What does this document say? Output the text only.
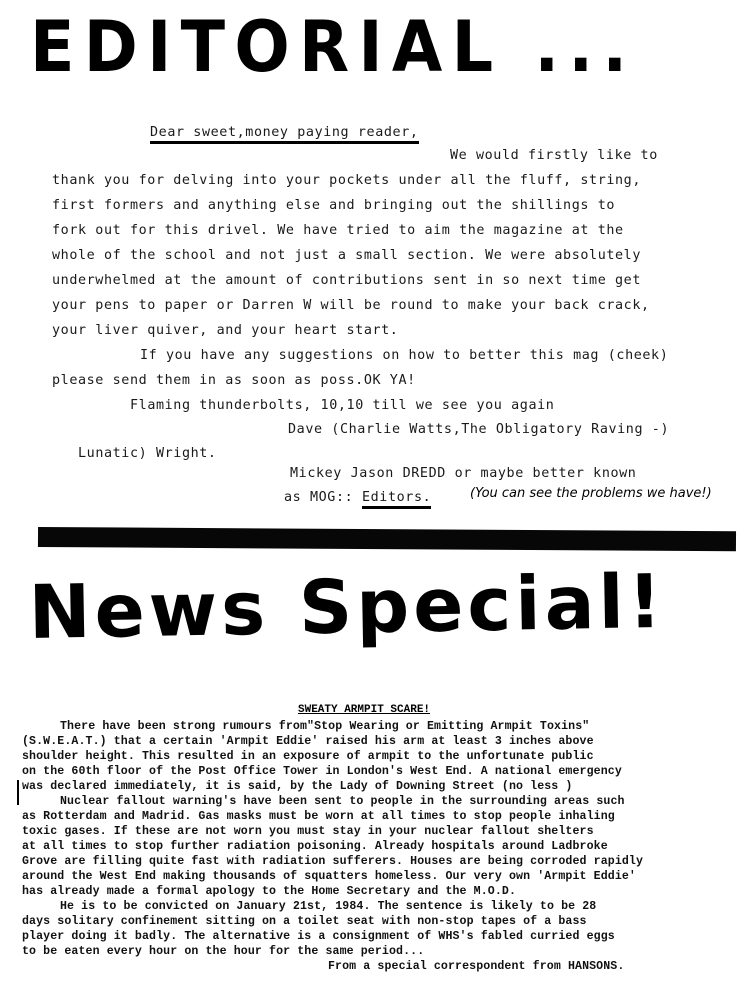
EDITORIAL ...
Dear sweet,money paying reader,
We would firstly like to
thank you for delving into your pockets under all the fluff, string,
first formers and anything else and bringing out the shillings to
fork out for this drivel. We have tried to aim the magazine at the
whole of the school and not just a small section. We were absolutely
underwhelmed at the amount of contributions sent in so next time get
your pens to paper or Darren W will be round to make your back crack,
your liver quiver, and your heart start.
If you have any suggestions on how to better this mag (cheek)
please send them in as soon as poss.OK YA!
Flaming thunderbolts, 10,10 till we see you again
Dave (Charlie Watts,The Obligatory Raving -)
Lunatic) Wright.
Mickey Jason DREDD or maybe better known
as MOG:: Editors.	(You can see the problems we have!)
News Special!
SWEATY ARMPIT SCARE!
There have been strong rumours from"Stop Wearing or Emitting Armpit Toxins"
(S.W.E.A.T.) that a certain 'Armpit Eddie' raised his arm at least 3 inches above
shoulder height. This resulted in an exposure of armpit to the unfortunate public
on the 60th floor of the Post Office Tower in London's West End. A national emergency
was declared immediately, it is said, by the Lady of Downing Street (no less )
Nuclear fallout warning's have been sent to people in the surrounding areas such
as Rotterdam and Madrid. Gas masks must be worn at all times to stop people inhaling
toxic gases. If these are not worn you must stay in your nuclear fallout shelters
at all times to stop further radiation poisoning. Already hospitals around Ladbroke
Grove are filling quite fast with radiation sufferers. Houses are being corroded rapidly
around the West End making thousands of squatters homeless. Our very own 'Armpit Eddie'
has already made a formal apology to the Home Secretary and the M.O.D.
He is to be convicted on January 21st, 1984. The sentence is likely to be 28
days solitary confinement sitting on a toilet seat with non-stop tapes of a bass
player doing it badly. The alternative is a consignment of WHS's fabled curried eggs
to be eaten every hour on the hour for the same period...
From a special correspondent from HANSONS.
